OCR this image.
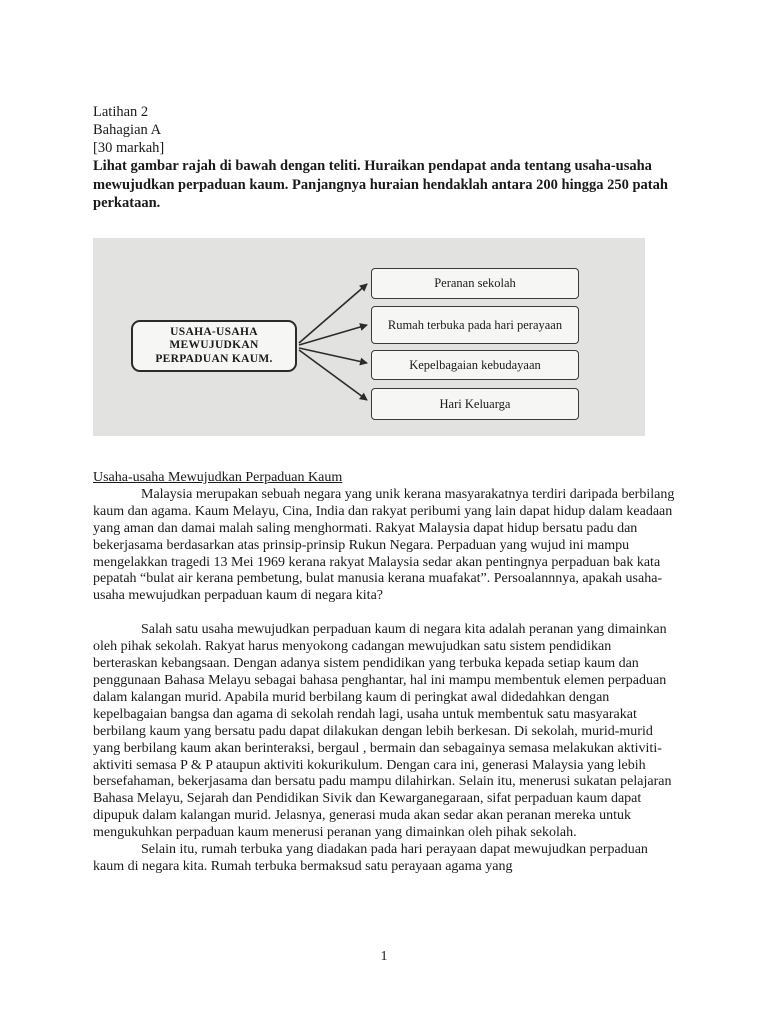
Latihan 2
Bahagian A
[30 markah]
Lihat gambar rajah di bawah dengan teliti. Huraikan pendapat anda tentang usaha-usaha mewujudkan perpaduan kaum. Panjangnya huraian hendaklah antara 200 hingga 250 patah perkataan.
USAHA-USAHA MEWUJUDKAN PERPADUAN KAUM.
Peranan sekolah
Rumah terbuka pada hari perayaan
Kepelbagaian kebudayaan
Hari Keluarga
Usaha-usaha Mewujudkan Perpaduan Kaum

Malaysia merupakan sebuah negara yang unik kerana masyarakatnya terdiri daripada berbilang kaum dan agama. Kaum Melayu, Cina, India dan rakyat peribumi yang lain dapat hidup dalam keadaan yang aman dan damai malah saling menghormati. Rakyat Malaysia dapat hidup bersatu padu dan bekerjasama berdasarkan atas prinsip-prinsip Rukun Negara. Perpaduan yang wujud ini mampu mengelakkan tragedi 13 Mei 1969 kerana rakyat Malaysia sedar akan pentingnya perpaduan bak kata pepatah “bulat air kerana pembetung, bulat manusia kerana muafakat”. Persoalannnya, apakah usaha-usaha mewujudkan perpaduan kaum di negara kita?

Salah satu usaha mewujudkan perpaduan kaum di negara kita adalah peranan yang dimainkan oleh pihak sekolah. Rakyat harus menyokong cadangan mewujudkan satu sistem pendidikan berteraskan kebangsaan. Dengan adanya sistem pendidikan yang terbuka kepada setiap kaum dan penggunaan Bahasa Melayu sebagai bahasa penghantar, hal ini mampu membentuk elemen perpaduan dalam kalangan murid. Apabila murid berbilang kaum di peringkat awal didedahkan dengan kepelbagaian bangsa dan agama di sekolah rendah lagi, usaha untuk membentuk satu masyarakat berbilang kaum yang bersatu padu dapat dilakukan dengan lebih berkesan. Di sekolah, murid-murid yang berbilang kaum akan berinteraksi, bergaul , bermain dan sebagainya semasa melakukan aktiviti- aktiviti semasa P & P ataupun aktiviti kokurikulum. Dengan cara ini, generasi Malaysia yang lebih bersefahaman, bekerjasama dan bersatu padu mampu dilahirkan. Selain itu, menerusi sukatan pelajaran Bahasa Melayu, Sejarah dan Pendidikan Sivik dan Kewarganegaraan, sifat perpaduan kaum dapat dipupuk dalam kalangan murid. Jelasnya, generasi muda akan sedar akan peranan mereka untuk mengukuhkan perpaduan kaum menerusi peranan yang dimainkan oleh pihak sekolah.

Selain itu, rumah terbuka yang diadakan pada hari perayaan dapat mewujudkan perpaduan kaum di negara kita. Rumah terbuka bermaksud satu perayaan agama yang

1
